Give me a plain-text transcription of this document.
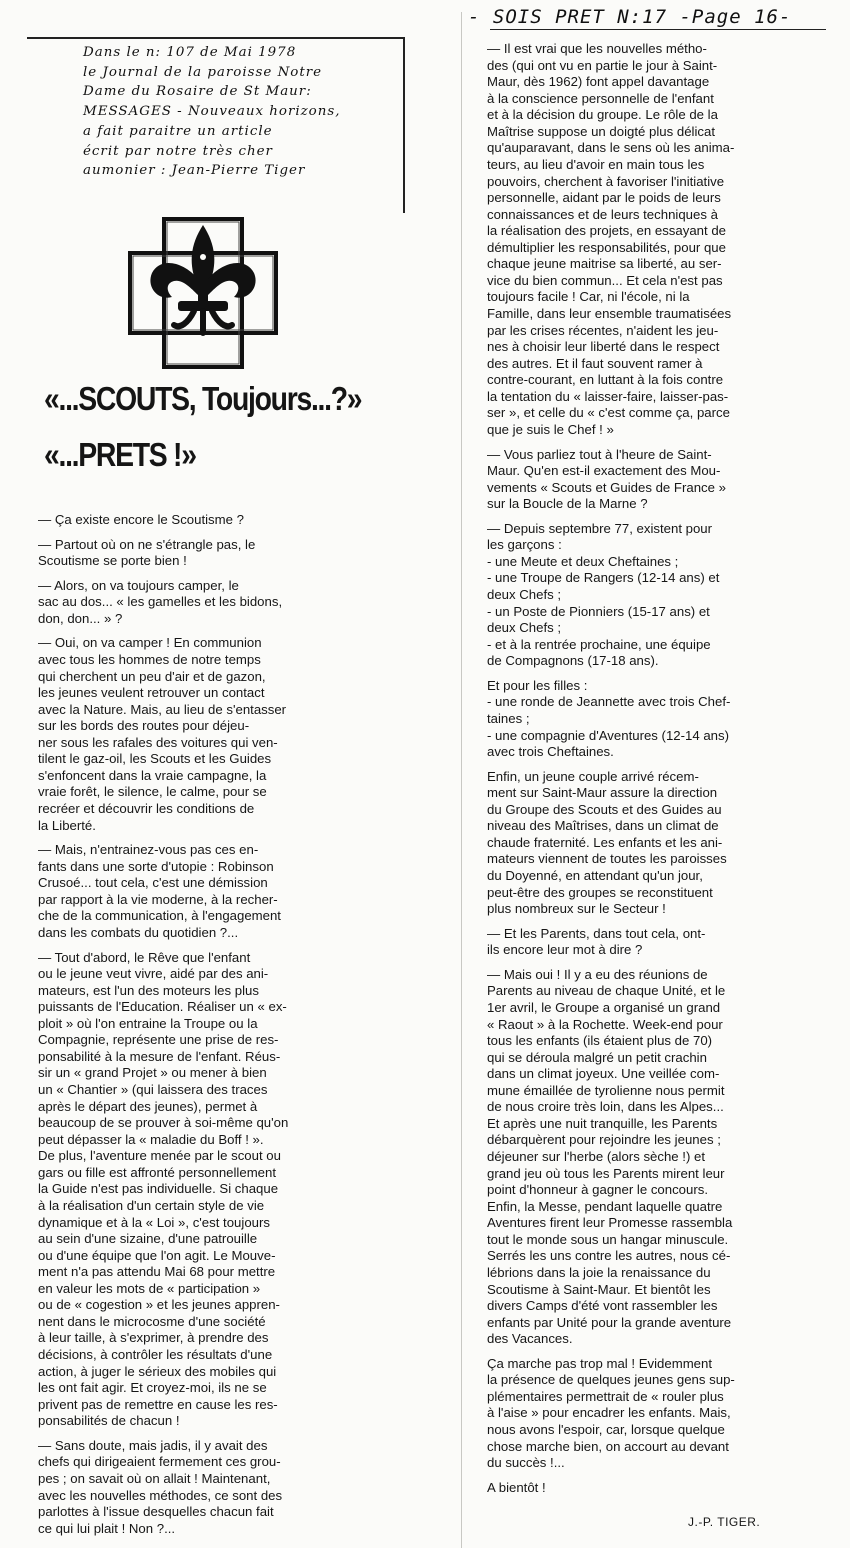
- SOIS PRET N:17 -Page 16-
Dans le n: 107 de Mai 1978
le Journal de la paroisse Notre
Dame du Rosaire de St Maur:
MESSAGES - Nouveaux horizons,
a fait paraitre un article
écrit par notre très cher
aumonier : Jean-Pierre Tiger
«...SCOUTS, Toujours...?»
«...PRETS !»
— Ça existe encore le Scoutisme ?
— Partout où on ne s'étrangle pas, le
Scoutisme se porte bien !
— Alors, on va toujours camper, le
sac au dos... « les gamelles et les bidons,
don, don... » ?
— Oui, on va camper ! En communion
avec tous les hommes de notre temps
qui cherchent un peu d'air et de gazon,
les jeunes veulent retrouver un contact
avec la Nature. Mais, au lieu de s'entasser
sur les bords des routes pour déjeu-
ner sous les rafales des voitures qui ven-
tilent le gaz-oil, les Scouts et les Guides
s'enfoncent dans la vraie campagne, la
vraie forêt, le silence, le calme, pour se
recréer et découvrir les conditions de
la Liberté.
— Mais, n'entrainez-vous pas ces en-
fants dans une sorte d'utopie : Robinson
Crusoé... tout cela, c'est une démission
par rapport à la vie moderne, à la recher-
che de la communication, à l'engagement
dans les combats du quotidien ?...
— Tout d'abord, le Rêve que l'enfant
ou le jeune veut vivre, aidé par des ani-
mateurs, est l'un des moteurs les plus
puissants de l'Education. Réaliser un « ex-
ploit » où l'on entraine la Troupe ou la
Compagnie, représente une prise de res-
ponsabilité à la mesure de l'enfant. Réus-
sir un « grand Projet » ou mener à bien
un « Chantier » (qui laissera des traces
après le départ des jeunes), permet à
beaucoup de se prouver à soi-même qu'on
peut dépasser la « maladie du Boff ! ».
De plus, l'aventure menée par le scout ou
gars ou fille est affronté personnellement
la Guide n'est pas individuelle. Si chaque
à la réalisation d'un certain style de vie
dynamique et à la « Loi », c'est toujours
au sein d'une sizaine, d'une patrouille
ou d'une équipe que l'on agit. Le Mouve-
ment n'a pas attendu Mai 68 pour mettre
en valeur les mots de « participation »
ou de « cogestion » et les jeunes appren-
nent dans le microcosme d'une société
à leur taille, à s'exprimer, à prendre des
décisions, à contrôler les résultats d'une
action, à juger le sérieux des mobiles qui
les ont fait agir. Et croyez-moi, ils ne se
privent pas de remettre en cause les res-
ponsabilités de chacun !
— Sans doute, mais jadis, il y avait des
chefs qui dirigeaient fermement ces grou-
pes ; on savait où on allait ! Maintenant,
avec les nouvelles méthodes, ce sont des
parlottes à l'issue desquelles chacun fait
ce qui lui plait ! Non ?...
— Il est vrai que les nouvelles métho-
des (qui ont vu en partie le jour à Saint-
Maur, dès 1962) font appel davantage
à la conscience personnelle de l'enfant
et à la décision du groupe. Le rôle de la
Maîtrise suppose un doigté plus délicat
qu'auparavant, dans le sens où les anima-
teurs, au lieu d'avoir en main tous les
pouvoirs, cherchent à favoriser l'initiative
personnelle, aidant par le poids de leurs
connaissances et de leurs techniques à
la réalisation des projets, en essayant de
démultiplier les responsabilités, pour que
chaque jeune maitrise sa liberté, au ser-
vice du bien commun... Et cela n'est pas
toujours facile ! Car, ni l'école, ni la
Famille, dans leur ensemble traumatisées
par les crises récentes, n'aident les jeu-
nes à choisir leur liberté dans le respect
des autres. Et il faut souvent ramer à
contre-courant, en luttant à la fois contre
la tentation du « laisser-faire, laisser-pas-
ser », et celle du « c'est comme ça, parce
que je suis le Chef ! »
— Vous parliez tout à l'heure de Saint-
Maur. Qu'en est-il exactement des Mou-
vements « Scouts et Guides de France »
sur la Boucle de la Marne ?
— Depuis septembre 77, existent pour
les garçons :
- une Meute et deux Cheftaines ;
- une Troupe de Rangers (12-14 ans) et
deux Chefs ;
- un Poste de Pionniers (15-17 ans) et
deux Chefs ;
- et à la rentrée prochaine, une équipe
de Compagnons (17-18 ans).
Et pour les filles :
- une ronde de Jeannette avec trois Chef-
taines ;
- une compagnie d'Aventures (12-14 ans)
avec trois Cheftaines.
Enfin, un jeune couple arrivé récem-
ment sur Saint-Maur assure la direction
du Groupe des Scouts et des Guides au
niveau des Maîtrises, dans un climat de
chaude fraternité. Les enfants et les ani-
mateurs viennent de toutes les paroisses
du Doyenné, en attendant qu'un jour,
peut-être des groupes se reconstituent
plus nombreux sur le Secteur !
— Et les Parents, dans tout cela, ont-
ils encore leur mot à dire ?
— Mais oui ! Il y a eu des réunions de
Parents au niveau de chaque Unité, et le
1er avril, le Groupe a organisé un grand
« Raout » à la Rochette. Week-end pour
tous les enfants (ils étaient plus de 70)
qui se déroula malgré un petit crachin
dans un climat joyeux. Une veillée com-
mune émaillée de tyrolienne nous permit
de nous croire très loin, dans les Alpes...
Et après une nuit tranquille, les Parents
débarquèrent pour rejoindre les jeunes ;
déjeuner sur l'herbe (alors sèche !) et
grand jeu où tous les Parents mirent leur
point d'honneur à gagner le concours.
Enfin, la Messe, pendant laquelle quatre
Aventures firent leur Promesse rassembla
tout le monde sous un hangar minuscule.
Serrés les uns contre les autres, nous cé-
lébrions dans la joie la renaissance du
Scoutisme à Saint-Maur. Et bientôt les
divers Camps d'été vont rassembler les
enfants par Unité pour la grande aventure
des Vacances.
Ça marche pas trop mal ! Evidemment
la présence de quelques jeunes gens sup-
plémentaires permettrait de « rouler plus
à l'aise » pour encadrer les enfants. Mais,
nous avons l'espoir, car, lorsque quelque
chose marche bien, on accourt au devant
du succès !...
A bientôt !
J.-P. TIGER.
